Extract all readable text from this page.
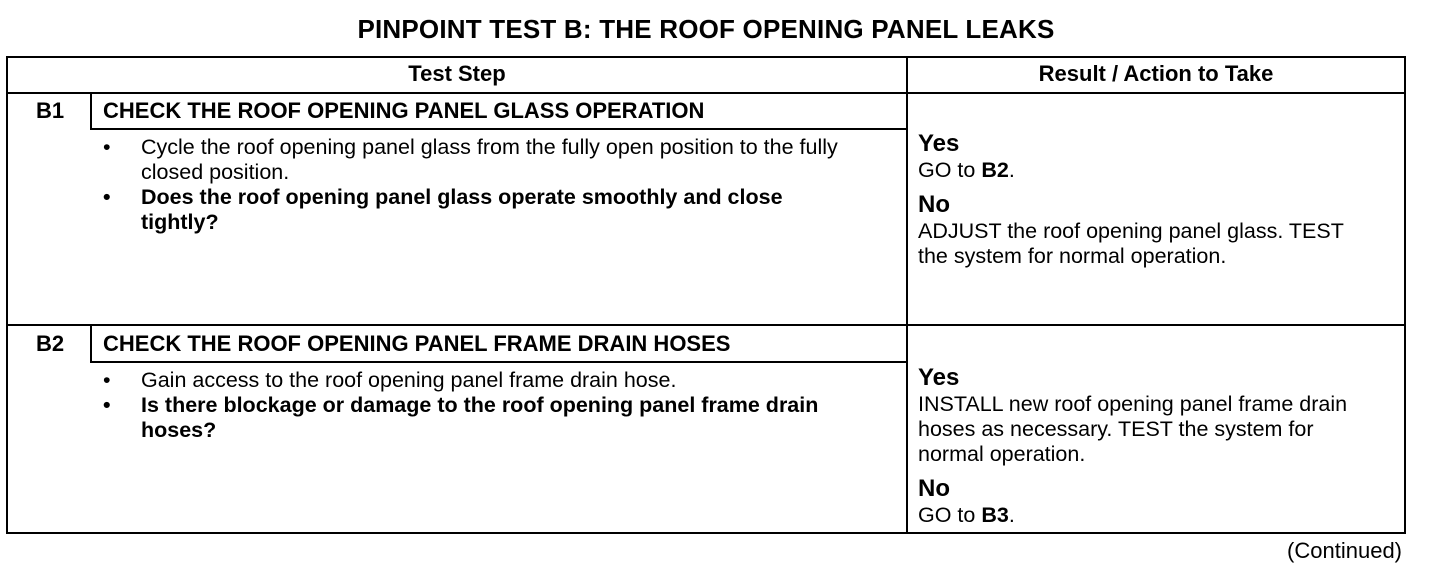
PINPOINT TEST B: THE ROOF OPENING PANEL LEAKS
Test Step	Result / Action to Take
B1	CHECK THE ROOF OPENING PANEL GLASS OPERATION
• Cycle the roof opening panel glass from the fully open position to the fully closed position.
• Does the roof opening panel glass operate smoothly and close tightly?
Yes
GO to B2.
No
ADJUST the roof opening panel glass. TEST the system for normal operation.
B2	CHECK THE ROOF OPENING PANEL FRAME DRAIN HOSES
• Gain access to the roof opening panel frame drain hose.
• Is there blockage or damage to the roof opening panel frame drain hoses?
Yes
INSTALL new roof opening panel frame drain hoses as necessary. TEST the system for normal operation.
No
GO to B3.
(Continued)
